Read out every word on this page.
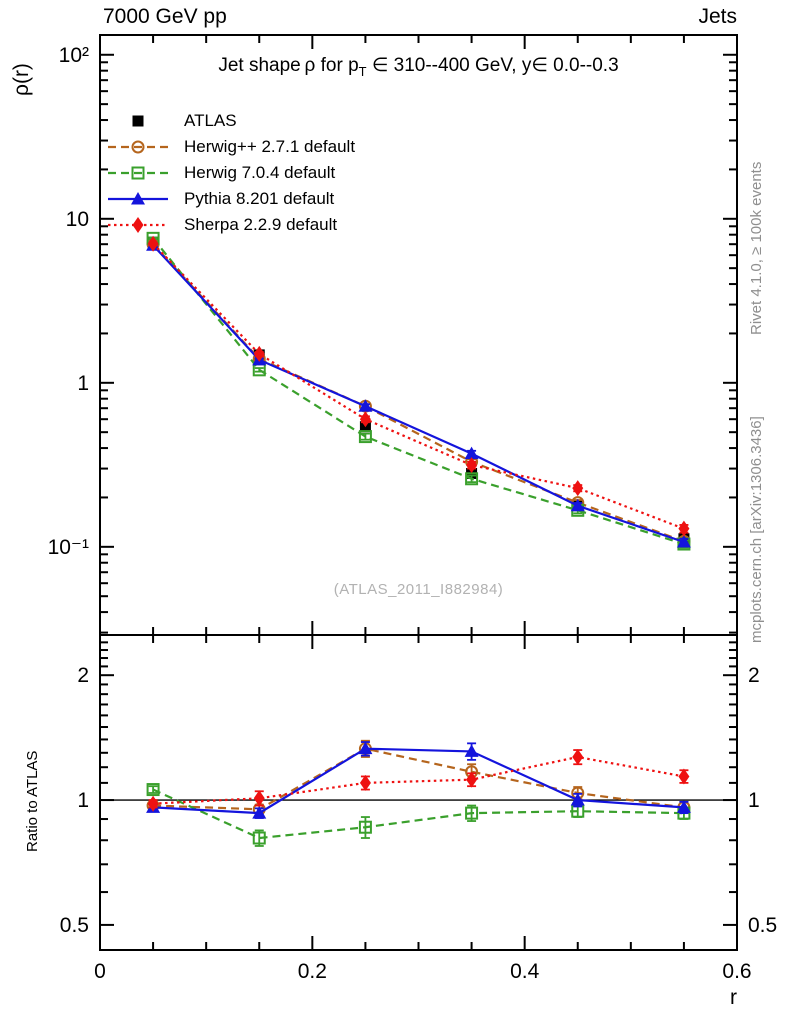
10²
10
1
10⁻¹
2	2
1	1
0.5	0.5
0	0.2	0.4	0.6
7000 GeV pp	Jets
Jet shape ρ for $p_T$ ∈ 310--400 GeV, y∈ 0.0--0.3
ATLAS
Herwig++ 2.7.1 default
Herwig 7.0.4 default
Pythia 8.201 default
Sherpa 2.2.9 default
(ATLAS_2011_I882984)
ρ(r)
Ratio to ATLAS
Rivet 4.1.0, ≥ 100k events
mcplots.cern.ch [arXiv:1306.3436]
r
